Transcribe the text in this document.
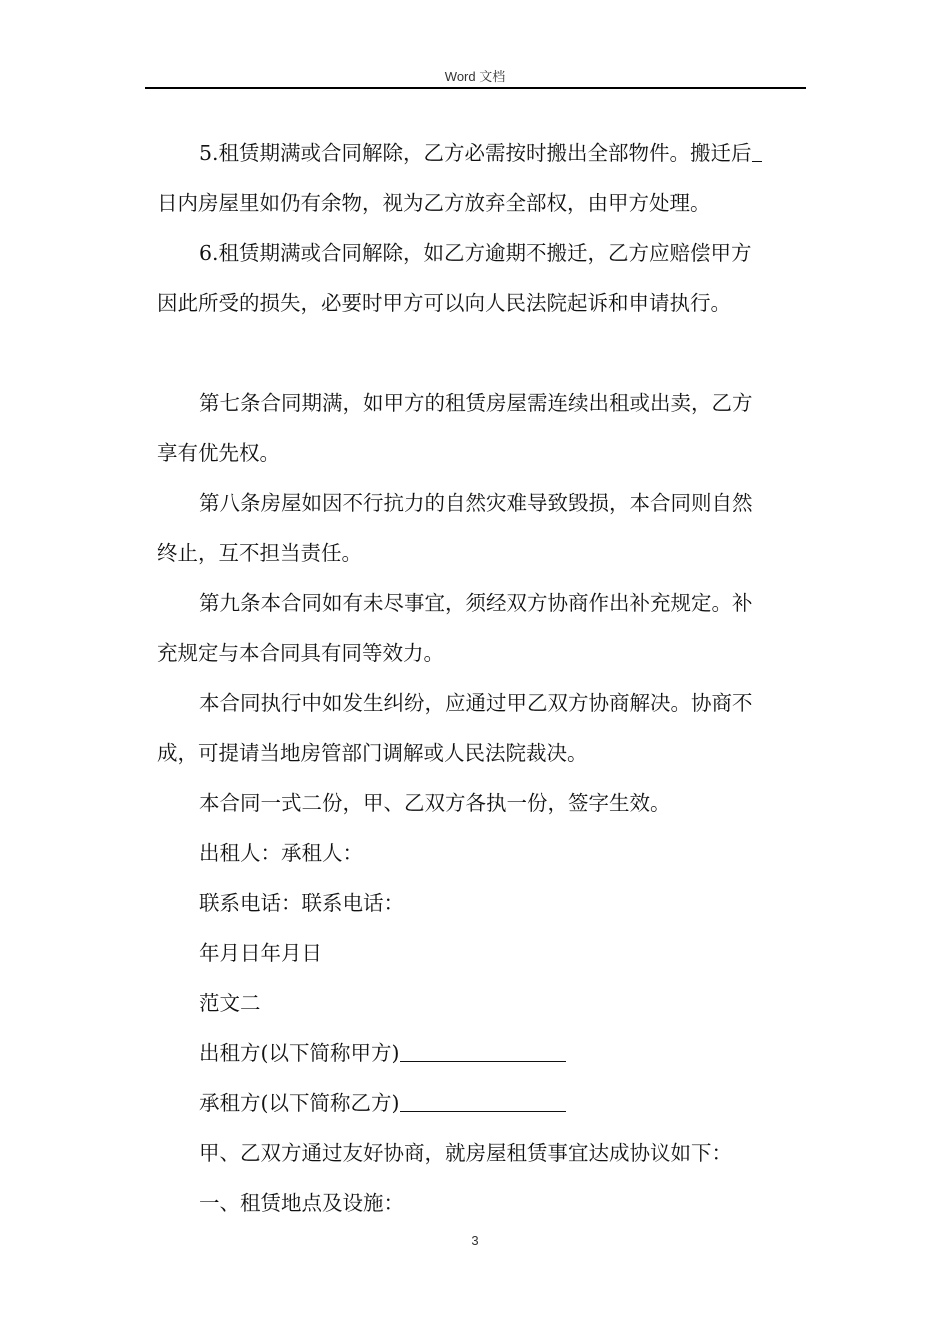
Word 文档

5.租赁期满或合同解除，乙方必需按时搬出全部物件。搬迁后
日内房屋里如仍有余物，视为乙方放弃全部权，由甲方处理。

6.租赁期满或合同解除，如乙方逾期不搬迁，乙方应赔偿甲方
因此所受的损失，必要时甲方可以向人民法院起诉和申请执行。

第七条合同期满，如甲方的租赁房屋需连续出租或出卖，乙方
享有优先权。

第八条房屋如因不行抗力的自然灾难导致毁损，本合同则自然
终止，互不担当责任。

第九条本合同如有未尽事宜，须经双方协商作出补充规定。补
充规定与本合同具有同等效力。

本合同执行中如发生纠纷，应通过甲乙双方协商解决。协商不
成，可提请当地房管部门调解或人民法院裁决。

本合同一式二份，甲、乙双方各执一份，签字生效。

出租人：承租人：

联系电话：联系电话：

年月日年月日

范文二

出租方(以下简称甲方)

承租方(以下简称乙方)

甲、乙双方通过友好协商，就房屋租赁事宜达成协议如下：

一、租赁地点及设施：

3
